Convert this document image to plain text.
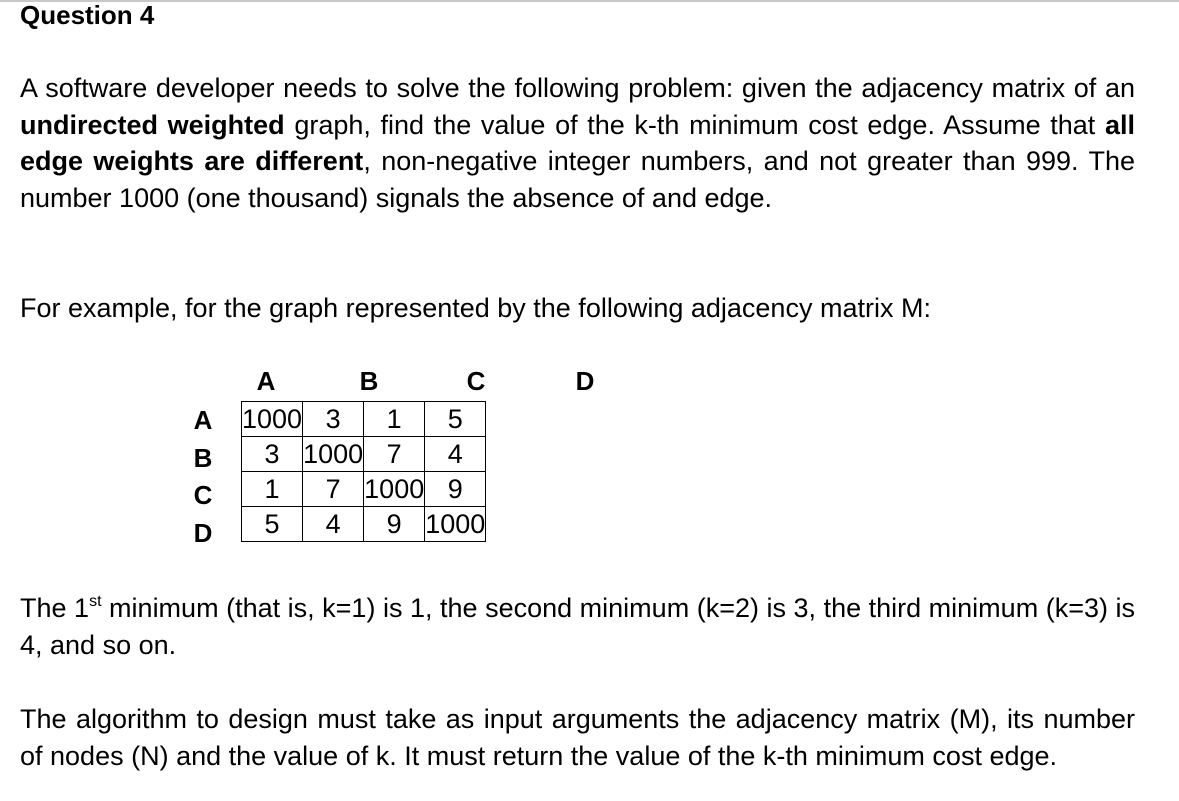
Question 4

A software developer needs to solve the following problem: given the adjacency matrix of an undirected weighted graph, find the value of the k-th minimum cost edge. Assume that all edge weights are different, non-negative integer numbers, and not greater than 999. The number 1000 (one thousand) signals the absence of and edge.

For example, for the graph represented by the following adjacency matrix M:

A	B	C	D
A
B
C
D
1000	3	1	5
3	1000	7	4
1	7	1000	9
5	4	9	1000

The 1st minimum (that is, k=1) is 1, the second minimum (k=2) is 3, the third minimum (k=3) is 4, and so on.

The algorithm to design must take as input arguments the adjacency matrix (M), its number of nodes (N) and the value of k. It must return the value of the k-th minimum cost edge.
